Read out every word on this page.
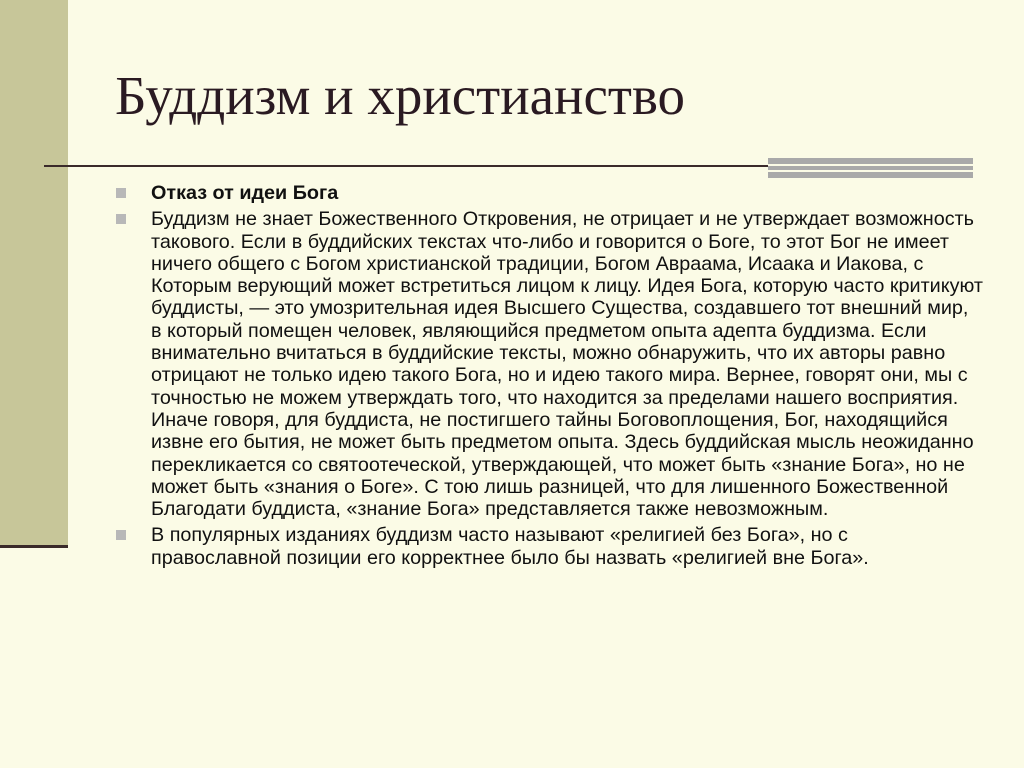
Буддизм и христианство
Отказ от идеи Бога
Буддизм не знает Божественного Откровения, не отрицает и не утверждает возможность такового. Если в буддийских текстах что-либо и говорится о Боге, то этот Бог не имеет ничего общего с Богом христианской традиции, Богом Авраама, Исаака и Иакова, с Которым верующий может встретиться лицом к лицу. Идея Бога, которую часто критикуют буддисты, — это умозрительная идея Высшего Существа, создавшего тот внешний мир, в который помещен человек, являющийся предметом опыта адепта буддизма. Если внимательно вчитаться в буддийские тексты, можно обнаружить, что их авторы равно отрицают не только идею такого Бога, но и идею такого мира. Вернее, говорят они, мы с точностью не можем утверждать того, что находится за пределами нашего восприятия. Иначе говоря, для буддиста, не постигшего тайны Боговоплощения, Бог, находящийся извне его бытия, не может быть предметом опыта. Здесь буддийская мысль неожиданно перекликается со святоотеческой, утверждающей, что может быть «знание Бога», но не может быть «знания о Боге». С тою лишь разницей, что для лишенного Божественной Благодати буддиста, «знание Бога» представляется также невозможным.
В популярных изданиях буддизм часто называют «религией без Бога», но с православной позиции его корректнее было бы назвать «религией вне Бога».
